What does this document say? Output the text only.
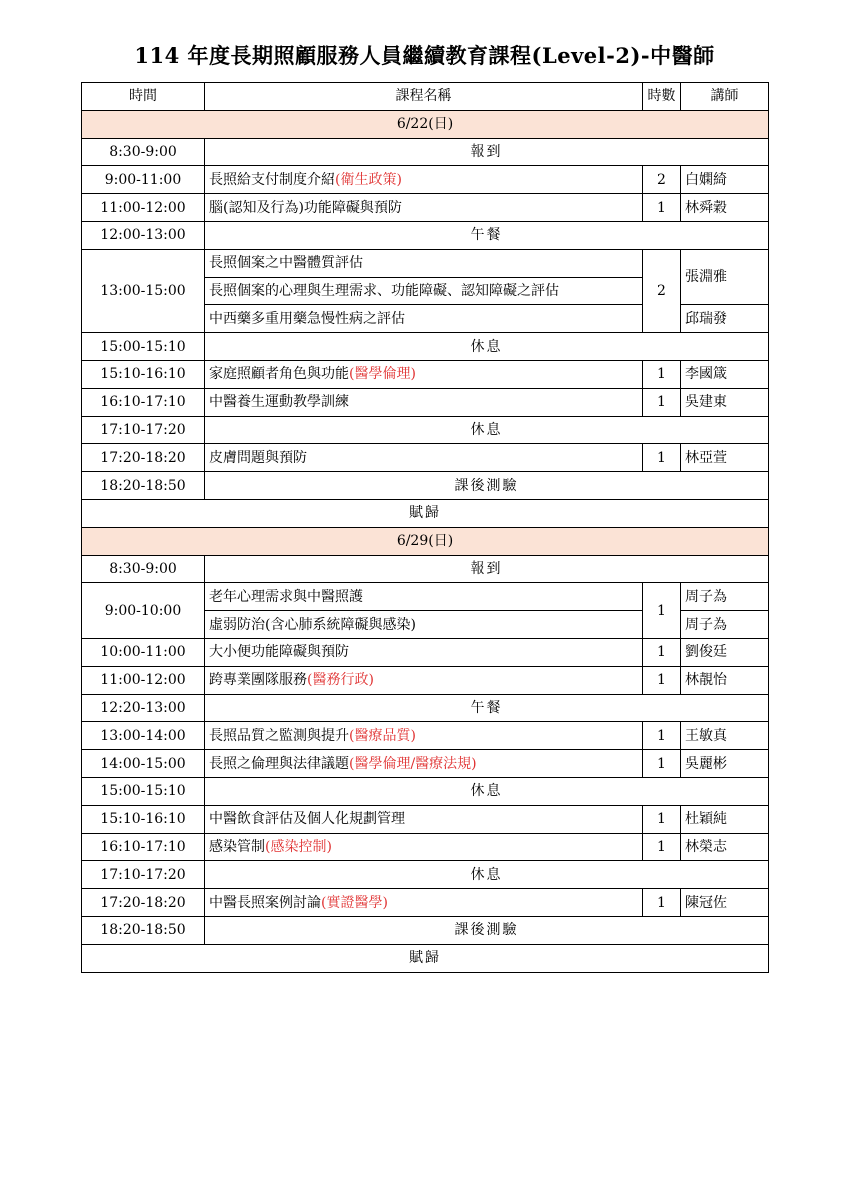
114 年度長期照顧服務人員繼續教育課程(Level-2)-中醫師
時間	課程名稱	時數	講師
6/22(日)			
8:30-9:00	報到		
9:00-11:00	長照給支付制度介紹(衛生政策)	2	白嫻綺
11:00-12:00	腦(認知及行為)功能障礙與預防	1	林舜穀
12:00-13:00	午餐		
13:00-15:00	長照個案之中醫體質評估	2	張淵雅
	長照個案的心理與生理需求、功能障礙、認知障礙之評估		
	中西藥多重用藥急慢性病之評估		邱瑞發
15:00-15:10	休息		
15:10-16:10	家庭照顧者角色與功能(醫學倫理)	1	李國箴
16:10-17:10	中醫養生運動教學訓練	1	吳建東
17:10-17:20	休息		
17:20-18:20	皮膚問題與預防	1	林亞萱
18:20-18:50	課後測驗		
賦歸			
6/29(日)			
8:30-9:00	報到		
9:00-10:00	老年心理需求與中醫照護	1	周子為
	虛弱防治(含心肺系統障礙與感染)		周子為
10:00-11:00	大小便功能障礙與預防	1	劉俊廷
11:00-12:00	跨專業團隊服務(醫務行政)	1	林靚怡
12:20-13:00	午餐		
13:00-14:00	長照品質之監測與提升(醫療品質)	1	王敏真
14:00-15:00	長照之倫理與法律議題(醫學倫理/醫療法規)	1	吳麗彬
15:00-15:10	休息		
15:10-16:10	中醫飲食評估及個人化規劃管理	1	杜穎純
16:10-17:10	感染管制(感染控制)	1	林榮志
17:10-17:20	休息		
17:20-18:20	中醫長照案例討論(實證醫學)	1	陳冠佐
18:20-18:50	課後測驗		
賦歸			
